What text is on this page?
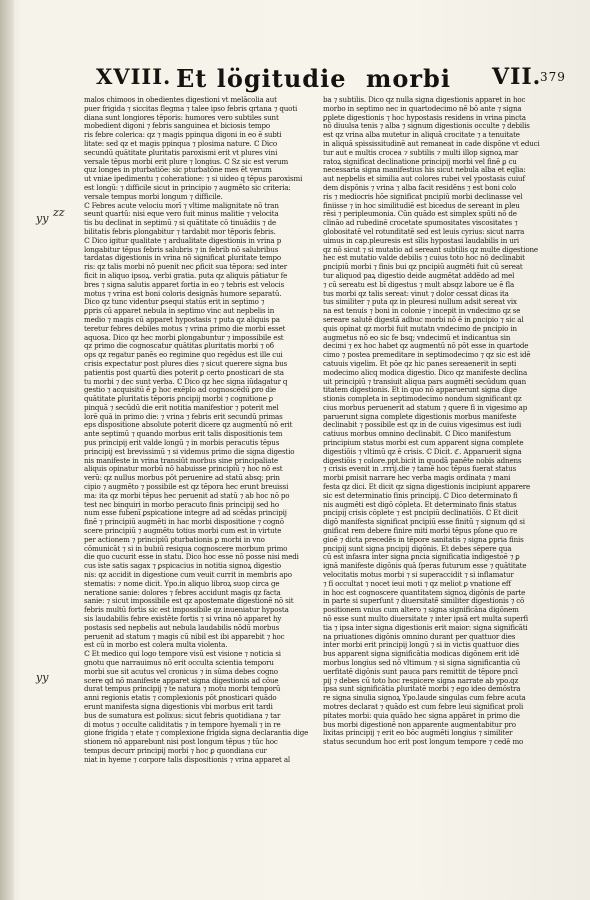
XVIII. Et lögitudie morbi VII.
379
zz
yy
yy
malos chimoos in obedientes digestioni vt melācolia aut
puer frigida ⁊ siccitas flegma ⁊ talee ipso febris qrtana ⁊ quoti
diana sunt longiores tēporis: humores vero subtiles sunt
mobedient digoni ⁊ febris sanguinea et biciosis tempo
ris febre colerica: qz ⁊ magis ppinqua digoni in eo ē subti
litate: sed qz et magis ppinqua ⁊ plosima nature. ℂ Dico
secundū quātitate ꝑluritatis paroxismi erit vt plures vini
versale tēpus morbi erit plure ⁊ longius. ℂ Sz sic est verum
quz longes in pturbatiōe: sic pturbatōne mes ēt verum
ut vniae ipedimentu ⁊ coheratione: ⁊ si uideo q tēpus paroxismi
est longū: ⁊ difficile sicut in principio ⁊ augmēto sic criteria:
versale tempus morbi longum ⁊ difficile.
ℂ Febres acute velociu morī ⁊ vltime malignitate nō tran
seunt quartū: nisi eque vero fuit minus malitie ⁊ velocita
tis bu declinat in septimū ⁊ si quātitate cō tinuādiis ⁊ de
bilitatis febris ꝑlongabitur ⁊ tardabit mor tēporis febris.
ℂ Dico igitur qualitate ⁊ ardualitate digestionis in vrina p
longabitur tēpus febris salubris ⁊ in febrib nō salubribus
tardatas digestionis in vrina nō significat ꝑluritate tempo
ris: qz talis morbi nō puenit nec ꝑficit sua tēpora: sed inter
ficit in aliquo ipsoꝝ. verbi gratia. puta qz aliquis pātiatur fe
bres ⁊ signa salutis apparet fortia in eo ⁊ tebris est velocis
motus ⁊ vrina est boni coloris designās humore separatū.
Dico qz tunc videntur ꝑsequi statūs erit in septimo ⁊
ꝑpris cū apparet nebula in septimo vinc aut nepbelis in
medio ⁊ magis cū apparet hypostasis ⁊ puta qz aliquis pa
teretur febres debiles motus ⁊ vrina primo die morbi esset
aquosa. Dico qz hec morbi ꝑlongabuntur ⁊ impossibile est
qz primo die cognoscatur quātitas ꝑluritatis morbi ⁊ oб
ops qz regatur panēs eo regimine quo regēdus est ille cui
crisis expectatur post plures dies ⁊ sicut querere signa bus
patientis post quartū dies poterit ꝑ certo ꝑnosticari de sta
tu morbi ⁊ dec sunt verba. ℂ Dico qz hec signa iūdagatur q
gestio ⁊ acquisitū ē ꝑ hoc exēplo ad cognoscēdū ꝑro die
quātitate ꝑluritatis tēporis ꝑncipij morbi ⁊ cognitione ꝑ
pinquā ⁊ secūdū die erit notitia manifestior ⁊ poterit mel
lorē quā in primo die: ⁊ vrina ⁊ febris erit secundū primas
eps dispositione absolute poterit dicere qz augmentū nō erit
ante septimū ⁊ quando morbus erit talis dispositionis tem
pus principij erit valde longū ⁊ in morbis peracutis tēpus
principij est brevissimū ⁊ si videmus primo die signa digestio
nis manifeste in vrina transiūt morbus sine principaliate
aliquis opinatur morbū nō habuisse principiū ⁊ hoc nō est
verū: qz nullus morbus pōt peruenire ad statū absq; prin
cipio ⁊ augmēto ⁊ possibile est qz tēpora hec erunt breuissi
ma: ita qz morbi tēpus hec peruenit ad statū ⁊ ab hoc nō po
test nec binquiri in morbo peracuto finis principij sed ho
num esse fubenī ꝑspicatione integre ad ad scēdas principij
finē ⁊ principiū augmēti in hac morbi dispositione ⁊ cognō
scere principiū ⁊ augmētu totius morbi cum est in virtute
per actionem ⁊ principiū pturbationis ꝑ morbi in vno
cōmunicāt ⁊ si in bubiū resiqua cognoscere morbum primo
die quo cucurit esse in statu. Dico hoc esse nō posse nisi medi
cus iste satis sagax ⁊ ꝑspicacius in notitia signoꝝ digestio
nis: qz accidit in digestione cum veuit currit in membris apo
stematis: ⁊ nome dicit. Ypo.in aliquo libroꝝ suop circa ge
neratione sanie: dolores ⁊ febres accidunt magis qz facta
sanie: ⁊ sicut impossibile est qz apostemate digestionē nō sit
febris multū fortis sic est impossibile qz inueniatur hyposta
sis laudabilis febre existēte fortis ⁊ si vrina nō apparet hy
postasis sed nepbelis aut nebula laudabilis nōdū morbus
peruenit ad statum ⁊ magis cū nibil est ibi apparebit ⁊ hoc
est cū in morbo est colera multa violenta.
ℂ Et medico qui logo tempore visū est visione ⁊ noticia si
gnotu que narrauimus nō erit occulta scientia temporu
morbi sue sit acutus vel cronicus ⁊ in sūma debes cogno
scere qd nō manifeste apparet signa digestionis ad cōue
durat tempus principij ⁊ te natura ⁊ motu morbi temporū
anni regionis etatis ⁊ complexionis pōt ꝑnosticari quādo
erunt manifesta signa digestionis vbi morbus erit tardi
bus de sumatura est ꝑolixus: sicut febris quotidiana ⁊ tar
di motus ⁊ occulte caliditatis ⁊ in tempore hyemali ⁊ in re
gione frigida ⁊ etate ⁊ complexione frigida signa declarantia dige
stionem nō apparebunt nisi post longum tēpus ⁊ tūc hoc
tempus decurr principij morbi ⁊ hoc ꝑ quondiana cur
niat in hyeme ⁊ corpore talis dispositionis ⁊ vrina apparet al
ba ⁊ subtilis. Dico qz nulla signa digestionis apparet in hoc
morbo in septimo nec in quartodecimo nē bō ante ⁊ signa
ꝑplete digestionis ⁊ hoc hypostasis residens in vrina pincta
nō diuulsa tenis ⁊ alba ⁊ signum digestionis occulte ⁊ debilis
est qz vrina alba mutetur in aliquā crocitate ⁊ a tenuitate
in aliquā spississitudinē aut remaneat in cade dispōne vt educi
tur aut e multis crocea ⁊ subtilis ⁊ multi illop signoꝝ mar
ratoꝝ significat declinatione principij morbi vel finē ꝑ cu
necessaria signa manifestius his sicut nebula alba et eqlia:
aut nepbelis et similia aut colores rubei vel ypostasis cuiuf
dem dispōnis ⁊ vrina ⁊ alba facit residēns ⁊ est boni colo
ris ⁊ mediocris hōe significat pncipiū morbi declinasse vel
finiisse ⁊ in hoc similitudiē est bicedus de sereant in ꝑleu
rēsi ⁊ peripleumonia. Cūn quādo est simplex spūti nō de
clināo ad rubedinē crocetate spumositates viscositates ⁊
globositatē vel rotunditatē sed est leuis cyrius: sicut narra
uimus in cap.pleuresis est sīlis hypostasi laudabilis in uri
qz nō sicut ⁊ si mutatio ad sereant subtilis qz multe digestione
hec est mutatio valde debilis ⁊ cuius toto hoc nō declinabit
ꝑncipiū morbi ⁊ finis bui qz pncipiū augmēti fuit cū sereat
tur aliquod paꝝ digestio deide augmētat addēdo ad mel
⁊ cū sereatu est bī digestus ⁊ mult absqz labore ue ē fla
tus morbi qz talis sereat: vinut ⁊ dolor cessat dicas ita
tus similiter ⁊ puta qz in pleuresi nullum adsit sereat vix
na est tenuis ⁊ boni in colonie ⁊ incepit in vndecimo qz se
sereare salutē digestā adbuc morbi nō ē in ꝑncipio ⁊ sic al
quis opinat qz morbi fuit mutat̄n vndecimo de pncipio in
augmetus nō eo sic fe bsq; vndecimū et indicantua sin
decimi ⁊ ex hoc habet qz augmentū nō pōt esse in quartode
cimo ⁊ postea premeditare in septimodecimo ⁊ qz sic est idē
catuuis vigelim. Et pōe qz hic panes sereaenerit in septi
modecimo alicq modica digestio. Dico qz manifeste declina
uit principiū ⁊ transiuit aliqua pars augmēti secūdum quan
titatem digestionis. Et in quo nō apparuerunt signa dige
stionis completa in septimodecimo nondum significant qz
cius morbus peruenerit ad statum ⁊ quere fi in vigesimo ap
paruerunt signa complete digestionis morbus manifeste
declinabit ⁊ possibile est qz in de cuius vigesimus est iudi
catiuus morbus omnino declinabit. ℂ Dico manifestum
principium status morbi est cum apparent signa complete
digestiōis ⁊ vltimū qz ē crisis. ℂ Dicit. ℭ. Apparuerit signa
digestiōis ⁊ colore.ppt.bicit in quodā panēte nobis adnens
⁊ crisis evenit in .rrrij.die ⁊ tamē hoc tēpus fuerat status
morbi ꝑmisit narrare hec verba magis ordinata ⁊ mani
festa qz dici. Et dicit qz signa digestionis incipiunt apparere
sic est determinatio finis principij. ℂ Dico determinato fi
nis augmēti est digō cōpleta. Et determinato finis status
pncipij crisis cōplete ⁊ est pncipiū declinatiōis. ℂ Et dicit
digō manifesta significat pncipiū esse finitū ⁊ signum qd si
gnificat rem debere finire miti morbi tēpus pſone quo re
gioē ⁊ dicta precedēs in tēpore sanitatis ⁊ signa ꝑpria finis
pncipij sunt signa pncipij digōnis. Et debes sēpere qua
cū est infasra inter signa ꝑncia significatia indigestoē ⁊ ꝑ
ignā manifeste digōnis quā ſperas futurum esse ⁊ quātitate
velocitatis motus morbi ⁊ si superaccidit ⁊ si inflamatur
⁊ fi occultat ⁊ nocet ieui moti ⁊ qz meliot ꝑ vnatione eff
in hoc est cognoscere quantitatem signoꝝ digōnis de parte
in parte si superſunt ⁊ diuersitatē similiter digestionis ⁊ cō
positionem vnius cum altero ⁊ signa significāna digōnem
nō esse sunt multo diuersitate ⁊ inter ipsā ert multa superfi
tia ⁊ ipsa inter signa digestionis erit maior: signa significāti
na priuationes digōnis omnino durant per quattuor dies
inter morbi erit principij longū ⁊ si in victis quattuor dies
bus apparent signa significātia modicas digōnem erit idē
morbus longius sed nō vltimum ⁊ si signa significantia cū
uerfitatē digōnis sunt pauca pars remittit de tēpore pncī
pij ⁊ debes cū toto hoc respicere signa narrate ab ypo.qz
ipsa sunt significātia ꝑluritatē morbi ⁊ ego ideo demōstra
re signa sinulia signoꝝ Ypo.laude singulas cum febre acuta
motres declarat ⁊ quādo est cum febre leui significat proli
pitates morbi: quia quādo hec signa appāret in primo die
bus morbi digestionē non apparente augmentabitur pro
lixitas principij ⁊ erit eo bōc augmēti longius ⁊ similiter
status secundum hoc erit post longum tempore ⁊ cedē mo
